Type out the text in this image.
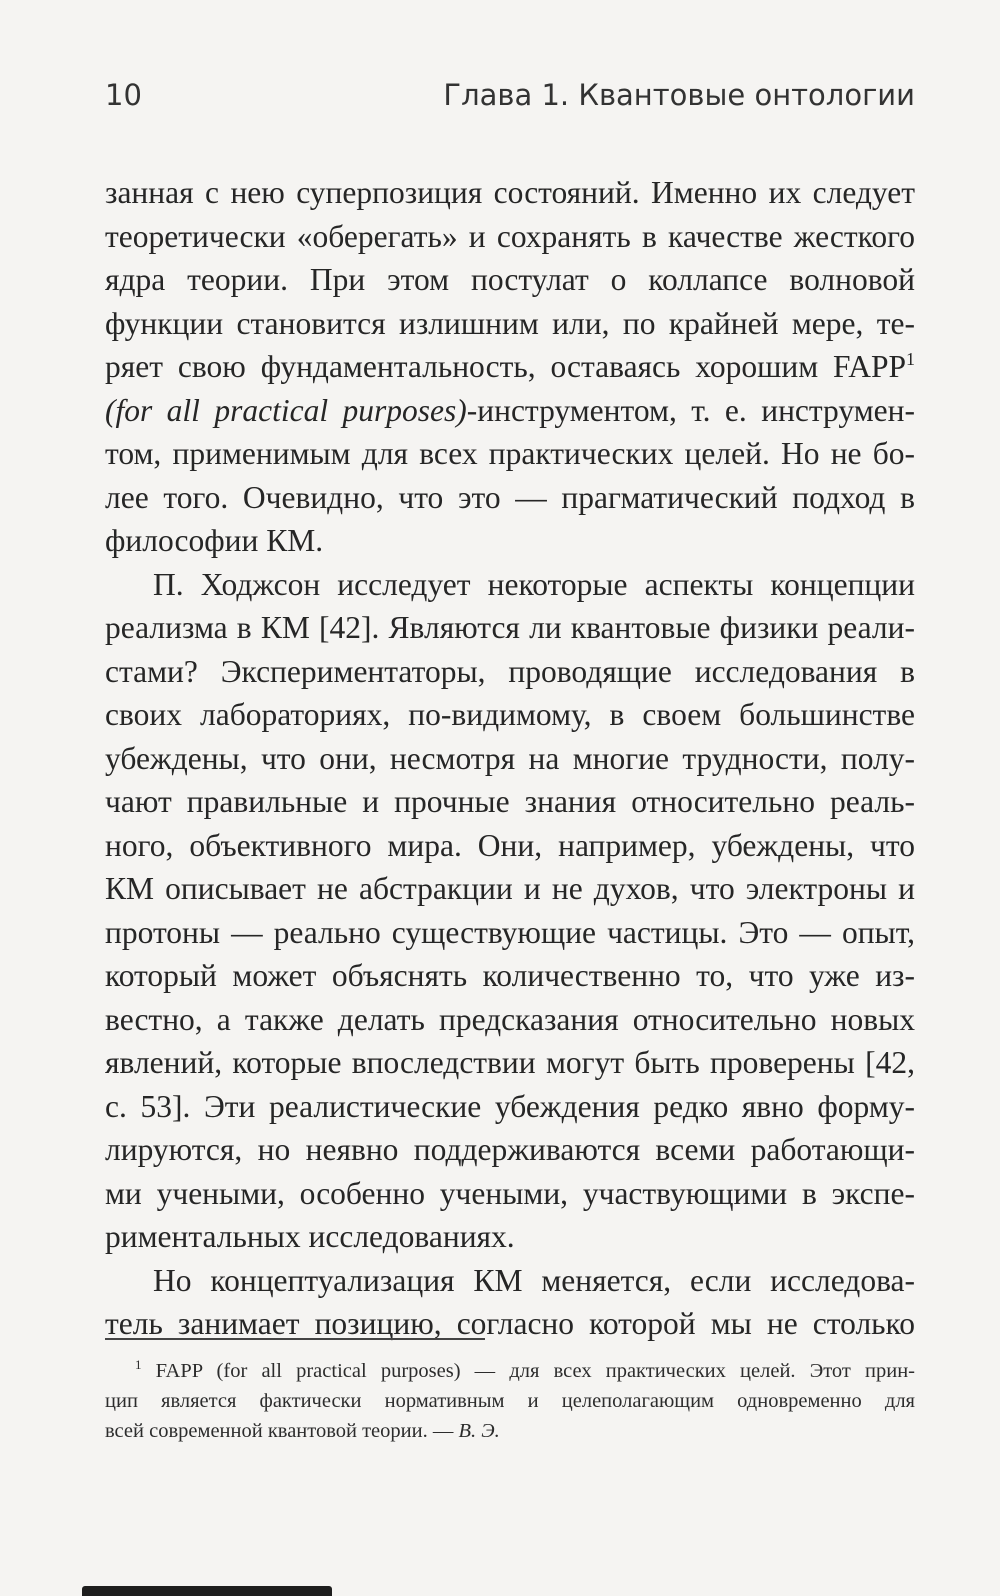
10	Глава 1. Квантовые онтологии
занная с нею суперпозиция состояний. Именно их следует
теоретически «оберегать» и сохранять в качестве жесткого
ядра теории. При этом постулат о коллапсе волновой
функции становится излишним или, по крайней мере, те-
ряет свою фундаментальность, оставаясь хорошим FAPP$^1$
(for all practical purposes)-инструментом, т. е. инструмен-
том, применимым для всех практических целей. Но не бо-
лее того. Очевидно, что это — прагматический подход в
философии КМ.
П. Ходжсон исследует некоторые аспекты концепции
реализма в КМ [42]. Являются ли квантовые физики реали-
стами? Экспериментаторы, проводящие исследования в
своих лабораториях, по-видимому, в своем большинстве
убеждены, что они, несмотря на многие трудности, полу-
чают правильные и прочные знания относительно реаль-
ного, объективного мира. Они, например, убеждены, что
КМ описывает не абстракции и не духов, что электроны и
протоны — реально существующие частицы. Это — опыт,
который может объяснять количественно то, что уже из-
вестно, а также делать предсказания относительно новых
явлений, которые впоследствии могут быть проверены [42,
с. 53]. Эти реалистические убеждения редко явно форму-
лируются, но неявно поддерживаются всеми работающи-
ми учеными, особенно учеными, участвующими в экспе-
риментальных исследованиях.
Но концептуализация КМ меняется, если исследова-
тель занимает позицию, согласно которой мы не столько
$^1$ FAPP (for all practical purposes) — для всех практических целей. Этот прин-
цип является фактически нормативным и целеполагающим одновременно для
всей современной квантовой теории. — В. Э.
